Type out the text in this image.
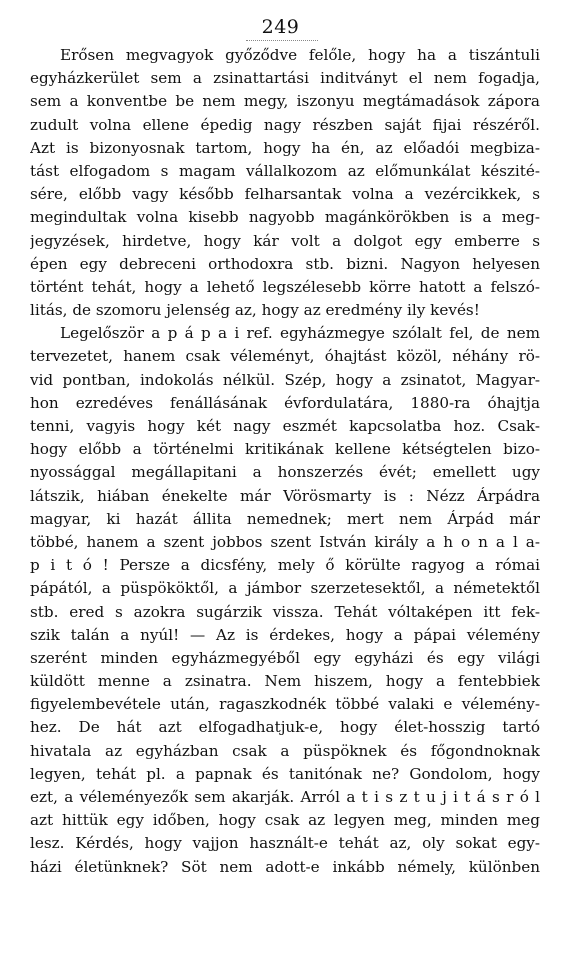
249
Erősen megvagyok győződve felőle, hogy ha a tiszántuli
egyházkerület sem a zsinattartási inditványt el nem fogadja,
sem a konventbe be nem megy, iszonyu megtámadások zápora
zudult volna ellene épedig nagy részben saját fijai részéről.
Azt is bizonyosnak tartom, hogy ha én, az előadói megbiza-
tást elfogadom s magam vállalkozom az előmunkálat készité-
sére, előbb vagy később felharsantak volna a vezércikkek, s
megindultak volna kisebb nagyobb magánkörökben is a meg-
jegyzések, hirdetve, hogy kár volt a dolgot egy emberre s
épen egy debreceni orthodoxra stb. bizni. Nagyon helyesen
történt tehát, hogy a lehető legszélesebb körre hatott a felszó-
litás, de szomoru jelenség az, hogy az eredmény ily kevés!
Legelőször a p á p a i ref. egyházmegye szólalt fel, de nem
tervezetet, hanem csak véleményt, óhajtást közöl, néhány rö-
vid pontban, indokolás nélkül. Szép, hogy a zsinatot, Magyar-
hon ezredéves fenállásának évfordulatára, 1880-ra óhajtja
tenni, vagyis hogy két nagy eszmét kapcsolatba hoz. Csak-
hogy előbb a történelmi kritikának kellene kétségtelen bizo-
nyossággal megállapitani a honszerzés évét; emellett ugy
látszik, hiában énekelte már Vörösmarty is : Nézz Árpádra
magyar, ki hazát állita nemednek; mert nem Árpád már
többé, hanem a szent jobbos szent István király a h o n a l a-
p i t ó ! Persze a dicsfény, mely ő körülte ragyog a római
pápától, a püspököktől, a jámbor szerzetesektől, a németektől
stb. ered s azokra sugárzik vissza. Tehát vóltaképen itt fek-
szik talán a nyúl! — Az is érdekes, hogy a pápai vélemény
szerént minden egyházmegyéből egy egyházi és egy világi
küldött menne a zsinatra. Nem hiszem, hogy a fentebbiek
figyelembevétele után, ragaszkodnék többé valaki e vélemény-
hez. De hát azt elfogadhatjuk-e, hogy élet-hosszig tartó
hivatala az egyházban csak a püspöknek és főgondnoknak
legyen, tehát pl. a papnak és tanitónak ne? Gondolom, hogy
ezt, a véleményezők sem akarják. Arról a t i s z t u j i t á s r ó l
azt hittük egy időben, hogy csak az legyen meg, minden meg
lesz. Kérdés, hogy vajjon használt-e tehát az, oly sokat egy-
házi életünknek? Söt nem adott-e inkább némely, különben
